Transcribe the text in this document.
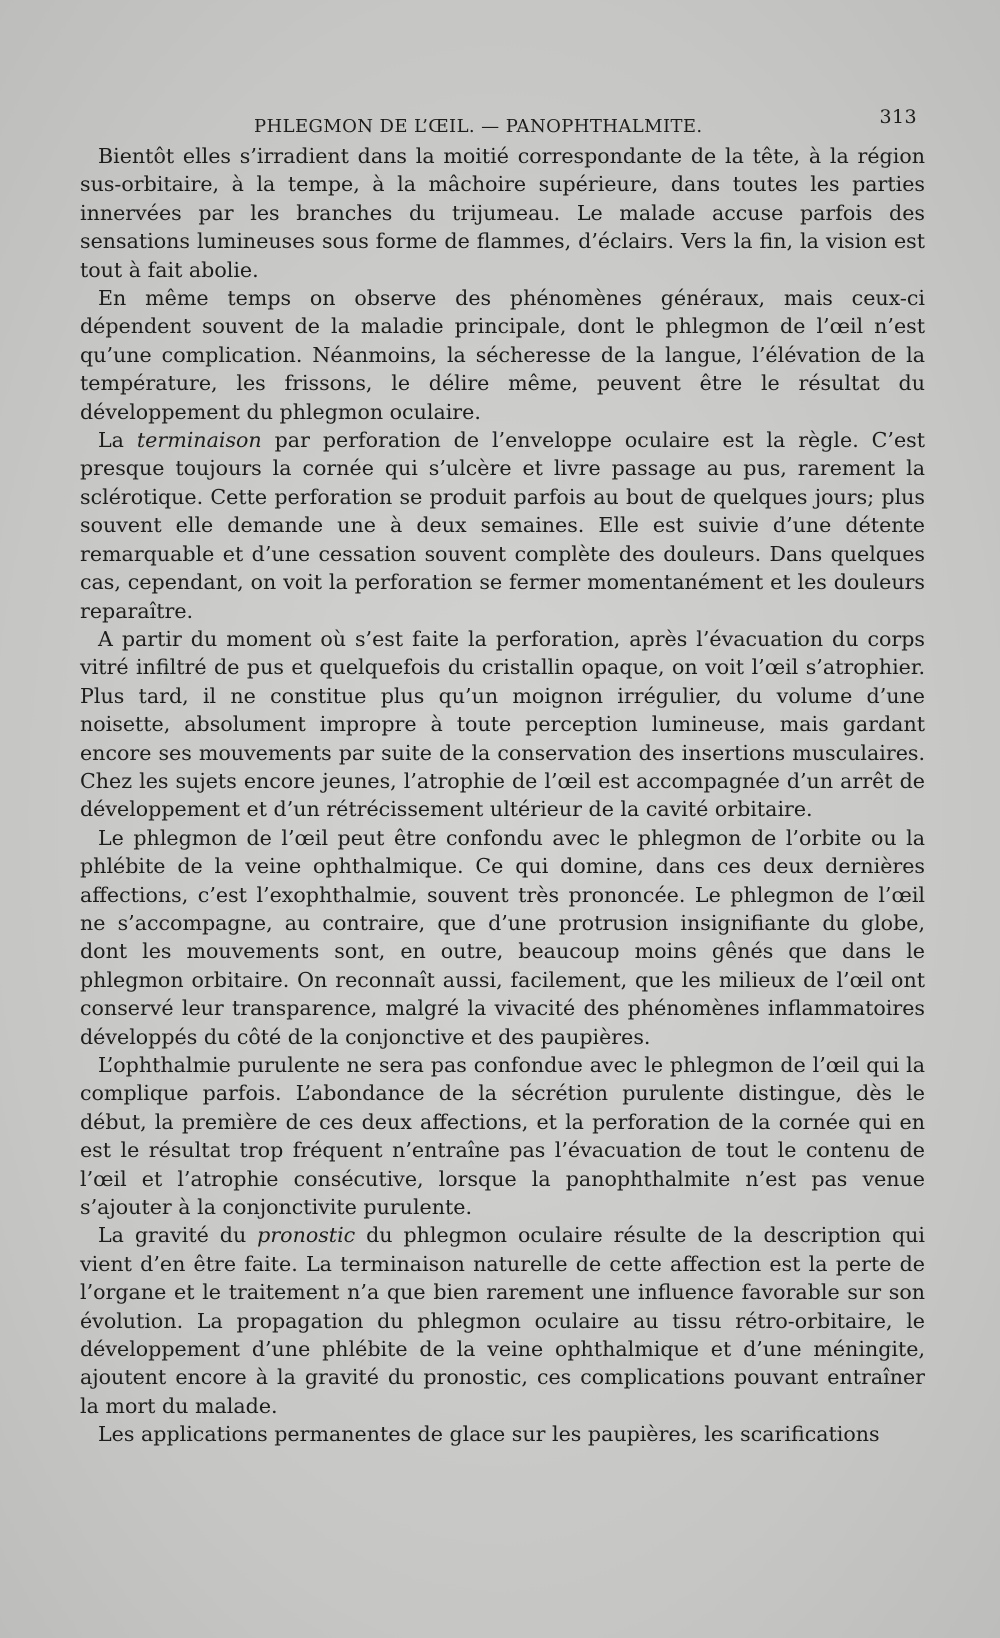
PHLEGMON DE L’ŒIL. — PANOPHTHALMITE.	313

Bientôt elles s’irradient dans la moitié correspondante de la tête, à la région sus-orbitaire, à la tempe, à la mâchoire supérieure, dans toutes les parties innervées par les branches du trijumeau. Le malade accuse parfois des sensations lumineuses sous forme de flammes, d’éclairs. Vers la fin, la vision est tout à fait abolie.

En même temps on observe des phénomènes généraux, mais ceux-ci dépendent souvent de la maladie principale, dont le phlegmon de l’œil n’est qu’une complication. Néanmoins, la sécheresse de la langue, l’élévation de la température, les frissons, le délire même, peuvent être le résultat du développement du phlegmon oculaire.

La terminaison par perforation de l’enveloppe oculaire est la règle. C’est presque toujours la cornée qui s’ulcère et livre passage au pus, rarement la sclérotique. Cette perforation se produit parfois au bout de quelques jours; plus souvent elle demande une à deux semaines. Elle est suivie d’une détente remarquable et d’une cessation souvent complète des douleurs. Dans quelques cas, cependant, on voit la perforation se fermer momentanément et les douleurs reparaître.

A partir du moment où s’est faite la perforation, après l’évacuation du corps vitré infiltré de pus et quelquefois du cristallin opaque, on voit l’œil s’atrophier. Plus tard, il ne constitue plus qu’un moignon irrégulier, du volume d’une noisette, absolument impropre à toute perception lumineuse, mais gardant encore ses mouvements par suite de la conservation des insertions musculaires. Chez les sujets encore jeunes, l’atrophie de l’œil est accompagnée d’un arrêt de développement et d’un rétrécissement ultérieur de la cavité orbitaire.

Le phlegmon de l’œil peut être confondu avec le phlegmon de l’orbite ou la phlébite de la veine ophthalmique. Ce qui domine, dans ces deux dernières affections, c’est l’exophthalmie, souvent très prononcée. Le phlegmon de l’œil ne s’accompagne, au contraire, que d’une protrusion insignifiante du globe, dont les mouvements sont, en outre, beaucoup moins gênés que dans le phlegmon orbitaire. On reconnaît aussi, facilement, que les milieux de l’œil ont conservé leur transparence, malgré la vivacité des phénomènes inflammatoires développés du côté de la conjonctive et des paupières.

L’ophthalmie purulente ne sera pas confondue avec le phlegmon de l’œil qui la complique parfois. L’abondance de la sécrétion purulente distingue, dès le début, la première de ces deux affections, et la perforation de la cornée qui en est le résultat trop fréquent n’entraîne pas l’évacuation de tout le contenu de l’œil et l’atrophie consécutive, lorsque la panophthalmite n’est pas venue s’ajouter à la conjonctivite purulente.

La gravité du pronostic du phlegmon oculaire résulte de la description qui vient d’en être faite. La terminaison naturelle de cette affection est la perte de l’organe et le traitement n’a que bien rarement une influence favorable sur son évolution. La propagation du phlegmon oculaire au tissu rétro-orbitaire, le développement d’une phlébite de la veine ophthalmique et d’une méningite, ajoutent encore à la gravité du pronostic, ces complications pouvant entraîner la mort du malade.

Les applications permanentes de glace sur les paupières, les scarifications
